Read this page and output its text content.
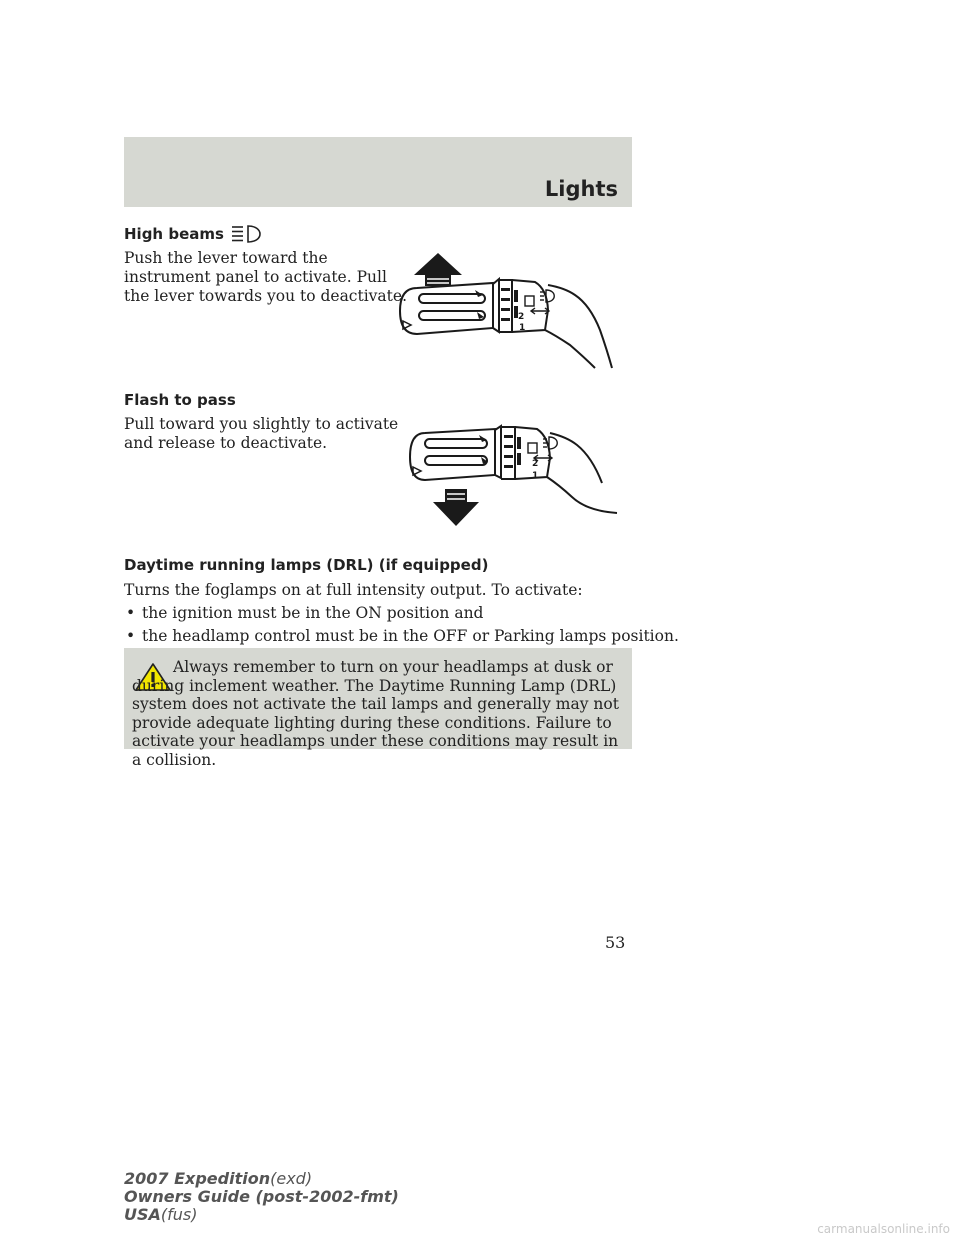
Lights
High beams
Push the lever toward the
instrument panel to activate. Pull
the lever towards you to deactivate.
2
1
Flash to pass
Pull toward you slightly to activate
and release to deactivate.
2
1
Daytime running lamps (DRL) (if equipped)
Turns the foglamps on at full intensity output. To activate:
• the ignition must be in the ON position and
• the headlamp control must be in the OFF or Parking lamps position.

Always remember to turn on your headlamps at dusk or during inclement weather. The Daytime Running Lamp (DRL) system does not activate the tail lamps and generally may not provide adequate lighting during these conditions. Failure to activate your headlamps under these conditions may result in a collision.

53
2007 Expedition(exd)
Owners Guide (post-2002-fmt)
USA(fus)
carmanualsonline.info
